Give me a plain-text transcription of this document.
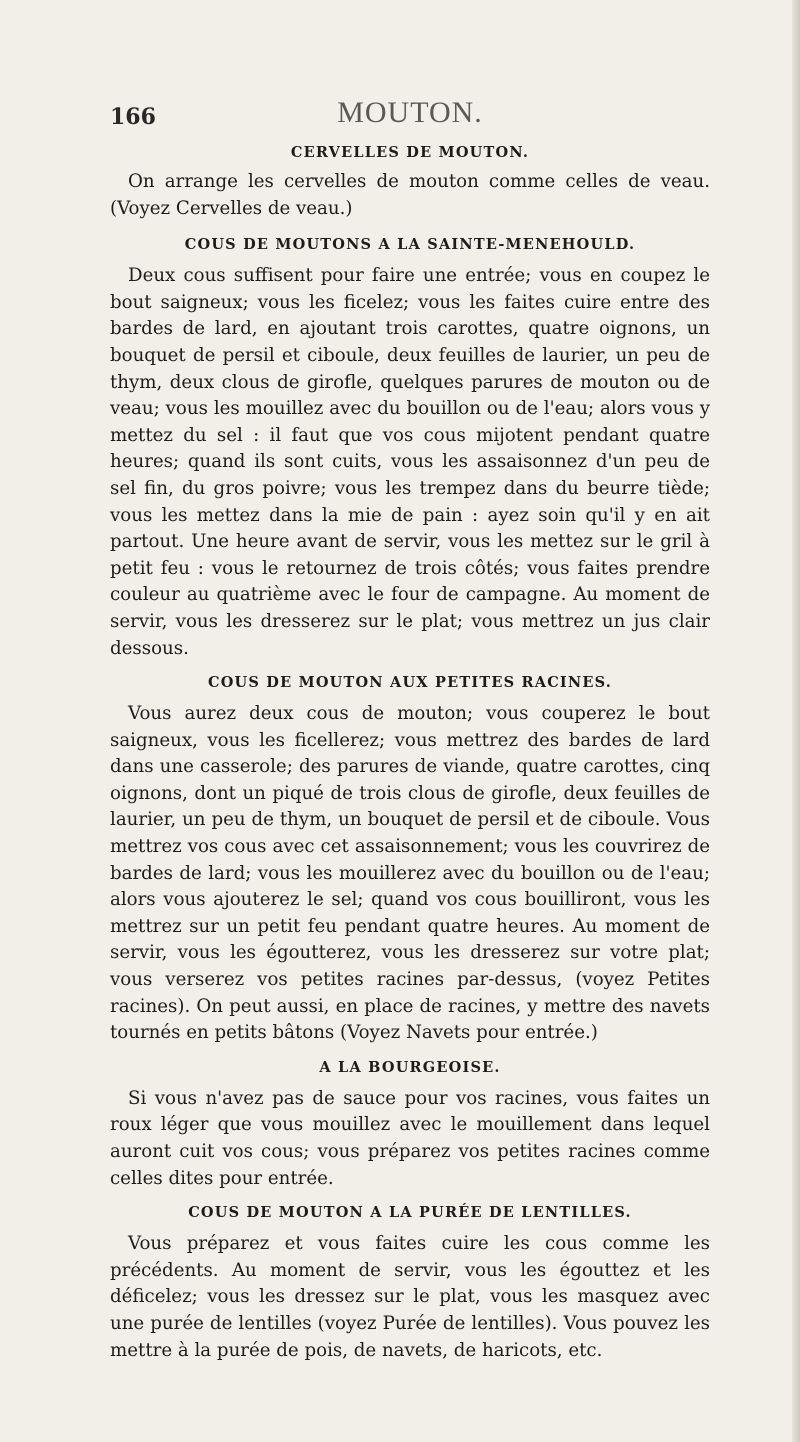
166	MOUTON.
CERVELLES DE MOUTON.

On arrange les cervelles de mouton comme celles de veau. (Voyez Cervelles de veau.)

COUS DE MOUTONS A LA SAINTE-MENEHOULD.

Deux cous suffisent pour faire une entrée; vous en coupez le bout saigneux; vous les ficelez; vous les faites cuire entre des bardes de lard, en ajoutant trois carottes, quatre oignons, un bouquet de persil et ciboule, deux feuilles de laurier, un peu de thym, deux clous de girofle, quelques parures de mouton ou de veau; vous les mouillez avec du bouillon ou de l'eau; alors vous y mettez du sel : il faut que vos cous mijotent pendant quatre heures; quand ils sont cuits, vous les assaisonnez d'un peu de sel fin, du gros poivre; vous les trempez dans du beurre tiède; vous les mettez dans la mie de pain : ayez soin qu'il y en ait partout. Une heure avant de servir, vous les mettez sur le gril à petit feu : vous le retournez de trois côtés; vous faites prendre couleur au quatrième avec le four de campagne. Au moment de servir, vous les dresserez sur le plat; vous mettrez un jus clair dessous.

COUS DE MOUTON AUX PETITES RACINES.

Vous aurez deux cous de mouton; vous couperez le bout saigneux, vous les ficellerez; vous mettrez des bardes de lard dans une casserole; des parures de viande, quatre carottes, cinq oignons, dont un piqué de trois clous de girofle, deux feuilles de laurier, un peu de thym, un bouquet de persil et de ciboule. Vous mettrez vos cous avec cet assaisonnement; vous les couvrirez de bardes de lard; vous les mouillerez avec du bouillon ou de l'eau; alors vous ajouterez le sel; quand vos cous bouilliront, vous les mettrez sur un petit feu pendant quatre heures. Au moment de servir, vous les égoutterez, vous les dresserez sur votre plat; vous verserez vos petites racines par-dessus, (voyez Petites racines). On peut aussi, en place de racines, y mettre des navets tournés en petits bâtons (Voyez Navets pour entrée.)

A LA BOURGEOISE.

Si vous n'avez pas de sauce pour vos racines, vous faites un roux léger que vous mouillez avec le mouillement dans lequel auront cuit vos cous; vous préparez vos petites racines comme celles dites pour entrée.

COUS DE MOUTON A LA PURÉE DE LENTILLES.

Vous préparez et vous faites cuire les cous comme les précédents. Au moment de servir, vous les égouttez et les déficelez; vous les dressez sur le plat, vous les masquez avec une purée de lentilles (voyez Purée de lentilles). Vous pouvez les mettre à la purée de pois, de navets, de haricots, etc.
